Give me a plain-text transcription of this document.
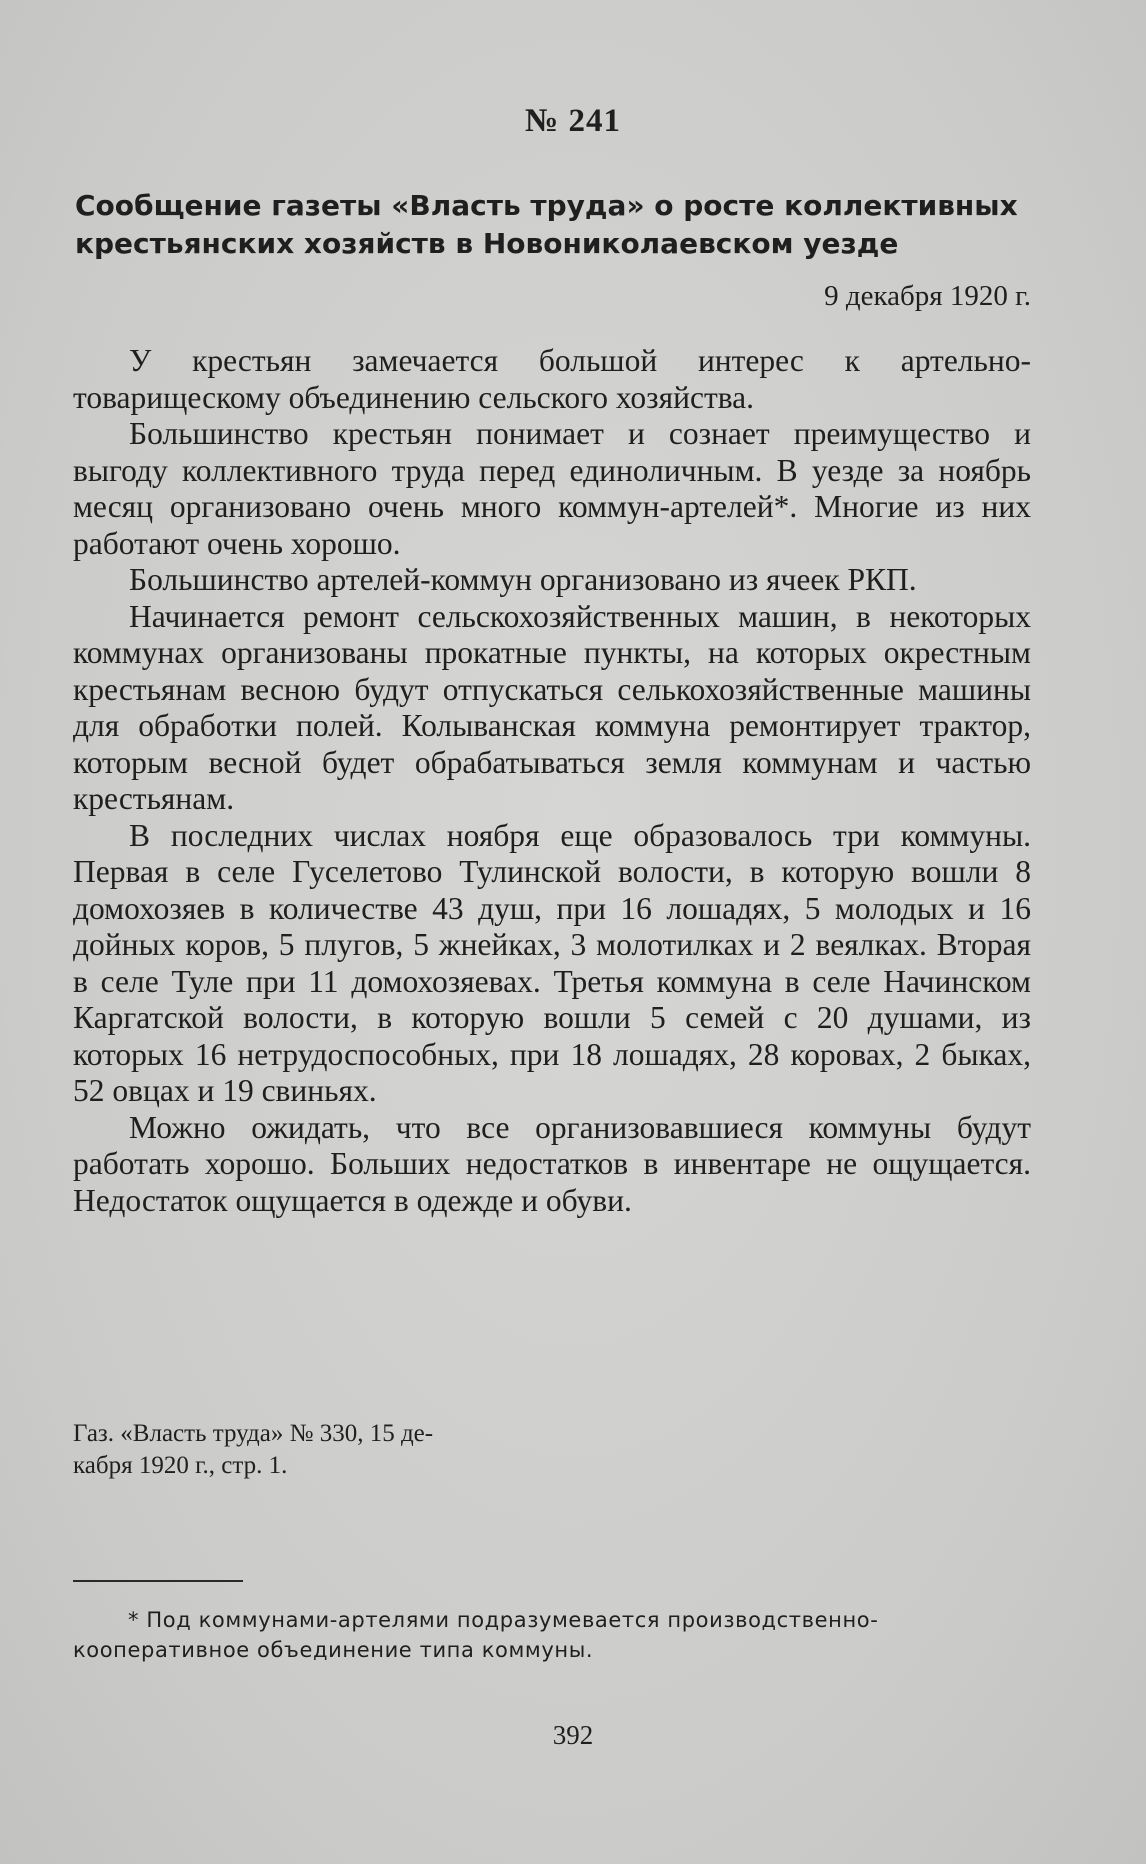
№ 241
Сообщение газеты «Власть труда» о росте коллективных
крестьянских хозяйств в Новониколаевском уезде
9 декабря 1920 г.

У крестьян замечается большой интерес к артельно-товарищескому объединению сельского хозяйства.

Большинство крестьян понимает и сознает преимущество и выгоду коллективного труда перед единоличным. В уезде за ноябрь месяц организовано очень много коммун-артелей*. Многие из них работают очень хорошо.

Большинство артелей-коммун организовано из ячеек РКП.

Начинается ремонт сельскохозяйственных машин, в некоторых коммунах организованы прокатные пункты, на которых окрестным крестьянам весною будут отпускаться селькохозяйственные машины для обработки полей. Колыванская коммуна ремонтирует трактор, которым весной будет обрабатываться земля коммунам и частью крестьянам.

В последних числах ноября еще образовалось три коммуны. Первая в селе Гуселетово Тулинской волости, в которую вошли 8 домохозяев в количестве 43 душ, при 16 лошадях, 5 молодых и 16 дойных коров, 5 плугов, 5 жнейках, 3 молотилках и 2 веялках. Вторая в селе Туле при 11 домохозяевах. Третья коммуна в селе Начинском Каргатской волости, в которую вошли 5 семей с 20 душами, из которых 16 нетрудоспособных, при 18 лошадях, 28 коровах, 2 быках, 52 овцах и 19 свиньях.

Можно ожидать, что все организовавшиеся коммуны будут работать хорошо. Больших недостатков в инвентаре не ощущается. Недостаток ощущается в одежде и обуви.

Газ. «Власть труда» № 330, 15 де-
кабря 1920 г., стр. 1.

* Под коммунами-артелями подразумевается производственно-кооперативное объединение типа коммуны.

392
